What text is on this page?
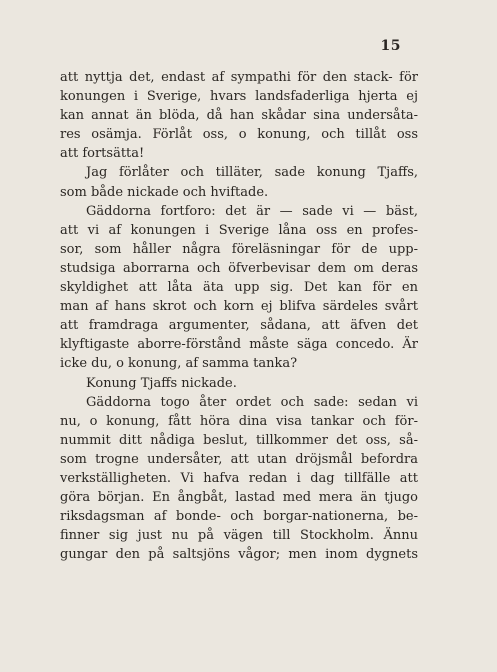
15
att nyttja det, endast af sympathi för den stack- för
konungen i Sverige, hvars landsfaderliga hjerta ej
kan annat än blöda, då han skådar sina undersåta-
res osämja. Förlåt oss, o konung, och tillåt oss
att fortsätta!
Jag förlåter och tilläter, sade konung Tjaffs,
som både nickade och hviftade.
Gäddorna fortforo: det är — sade vi — bäst,
att vi af konungen i Sverige låna oss en profes-
sor, som håller några föreläsningar för de upp-
studsiga aborrarna och öfverbevisar dem om deras
skyldighet att låta äta upp sig. Det kan för en
man af hans skrot och korn ej blifva särdeles svårt
att framdraga argumenter, sådana, att äfven det
klyftigaste aborre-förstånd måste säga concedo. Är
icke du, o konung, af samma tanka?
Konung Tjaffs nickade.
Gäddorna togo åter ordet och sade: sedan vi
nu, o konung, fått höra dina visa tankar och för-
nummit ditt nådiga beslut, tillkommer det oss, så-
som trogne undersåter, att utan dröjsmål befordra
verkställigheten. Vi hafva redan i dag tillfälle att
göra början. En ångbåt, lastad med mera än tjugo
riksdagsman af bonde- och borgar-nationerna, be-
finner sig just nu på vägen till Stockholm. Ännu
gungar den på saltsjöns vågor; men inom dygnets
